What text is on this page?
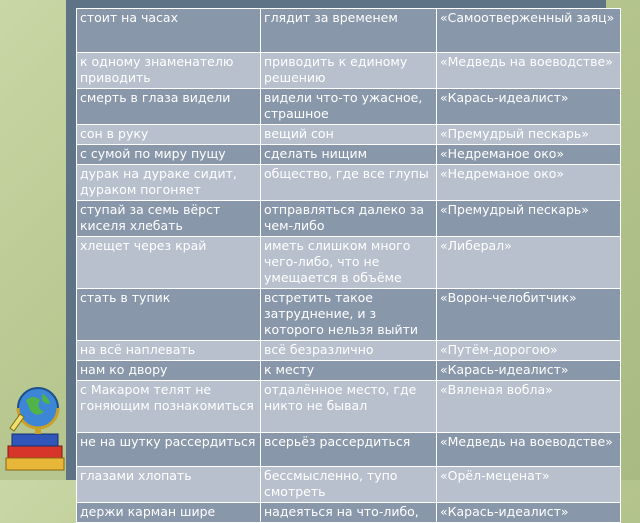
стоит на часах	глядит за временем	«Самоотверженный заяц»

к одному знаменателю приводить	приводить к единому решению	«Медведь на воеводстве»

смерть в глаза видели	видели что-то ужасное, страшное	«Карась-идеалист»

сон в руку	вещий сон	«Премудрый пескарь»

с сумой по миру пущу	сделать нищим	«Недреманое око»

дурак на дураке сидит, дураком погоняет	общество, где все глупы	«Недреманое око»

ступай за семь вёрст киселя хлебать	отправляться далеко за чем-либо	«Премудрый пескарь»

хлещет через край	иметь слишком много чего-либо, что не умещается в объёме	«Либерал»

стать в тупик	встретить такое затруднение, и з которого нельзя выйти	«Ворон-челобитчик»

на всё наплевать	всё безразлично	«Путём-дорогою»

нам ко двору	к месту	«Карась-идеалист»

с Макаром телят не гоняющим познакомиться	отдалённое место, где никто не бывал	«Вяленая вобла»

не на шутку рассердиться	всерьёз рассердиться	«Медведь на воеводстве»

глазами хлопать	бессмысленно, тупо смотреть	«Орёл-меценат»

держи карман шире	надеяться на что-либо,	«Карась-идеалист»
